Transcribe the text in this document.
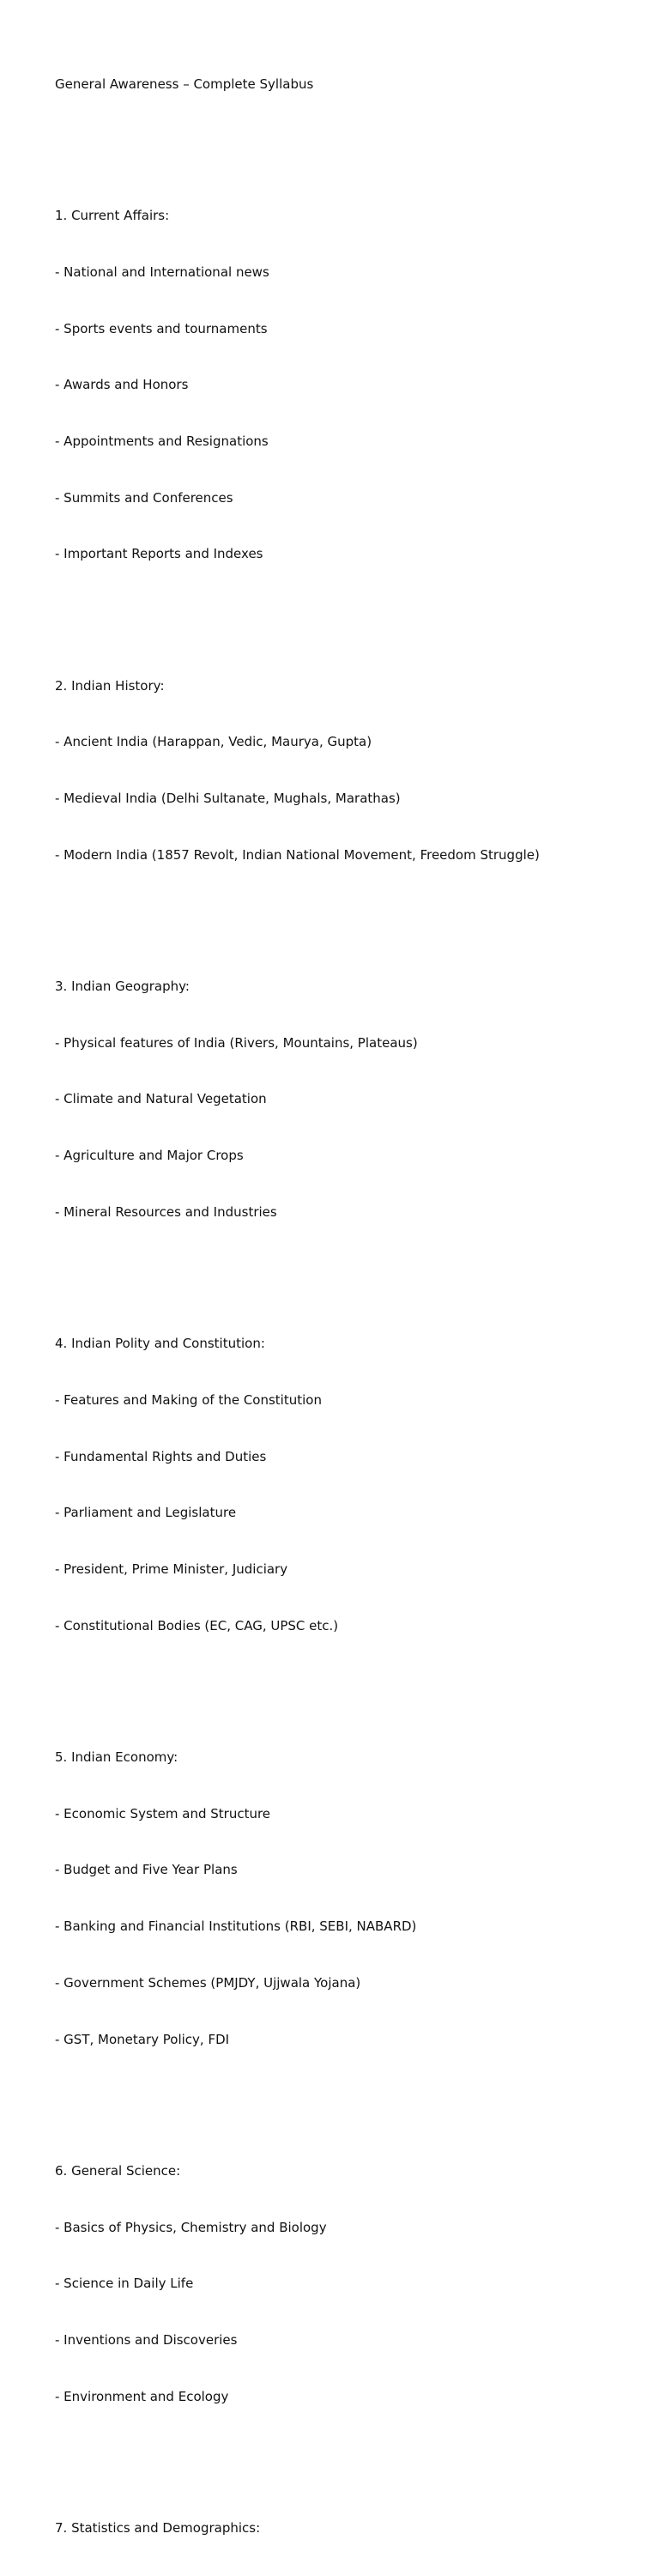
General Awareness – Complete Syllabus

1. Current Affairs:

- National and International news

- Sports events and tournaments

- Awards and Honors

- Appointments and Resignations

- Summits and Conferences

- Important Reports and Indexes

2. Indian History:

- Ancient India (Harappan, Vedic, Maurya, Gupta)

- Medieval India (Delhi Sultanate, Mughals, Marathas)

- Modern India (1857 Revolt, Indian National Movement, Freedom Struggle)

3. Indian Geography:

- Physical features of India (Rivers, Mountains, Plateaus)

- Climate and Natural Vegetation

- Agriculture and Major Crops

- Mineral Resources and Industries

4. Indian Polity and Constitution:

- Features and Making of the Constitution

- Fundamental Rights and Duties

- Parliament and Legislature

- President, Prime Minister, Judiciary

- Constitutional Bodies (EC, CAG, UPSC etc.)

5. Indian Economy:

- Economic System and Structure

- Budget and Five Year Plans

- Banking and Financial Institutions (RBI, SEBI, NABARD)

- Government Schemes (PMJDY, Ujjwala Yojana)

- GST, Monetary Policy, FDI

6. General Science:

- Basics of Physics, Chemistry and Biology

- Science in Daily Life

- Inventions and Discoveries

- Environment and Ecology

7. Statistics and Demographics:
